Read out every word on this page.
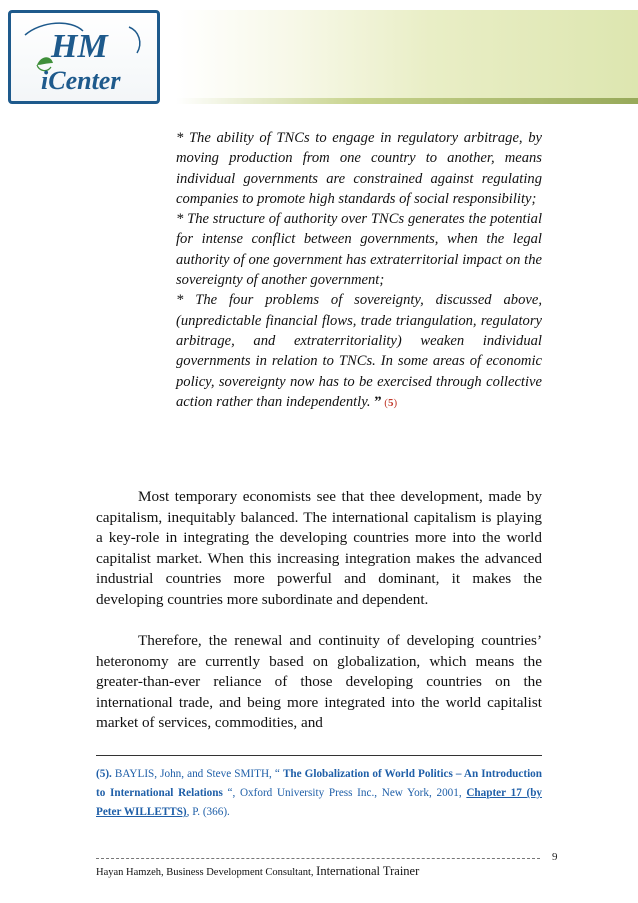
HM
iCenter

* The ability of TNCs to engage in regulatory arbitrage, by moving production from one country to another, means individual governments are constrained against regulating companies to promote high standards of social responsibility;

* The structure of authority over TNCs generates the potential for intense conflict between governments, when the legal authority of one government has extraterritorial impact on the sovereignty of another government;

* The four problems of sovereignty, discussed above, (unpredictable financial flows, trade triangulation, regulatory arbitrage, and extraterritoriality) weaken individual governments in relation to TNCs. In some areas of economic policy, sovereignty now has to be exercised through collective action rather than independently. ” (5)

Most temporary economists see that thee development, made by capitalism, inequitably balanced. The international capitalism is playing a key-role in integrating the developing countries more into the world capitalist market. When this increasing integration makes the advanced industrial countries more powerful and dominant, it makes the developing countries more subordinate and dependent.

Therefore, the renewal and continuity of developing countries’ heteronomy are currently based on globalization, which means the greater-than-ever reliance of those developing countries on the international trade, and being more integrated into the world capitalist market of services, commodities, and

(5). BAYLIS, John, and Steve SMITH, “ The Globalization of World Politics – An Introduction to International Relations “, Oxford University Press Inc., New York, 2001, Chapter 17 (by Peter WILLETTS), P. (366).
9
Hayan Hamzeh, Business Development Consultant, International Trainer
